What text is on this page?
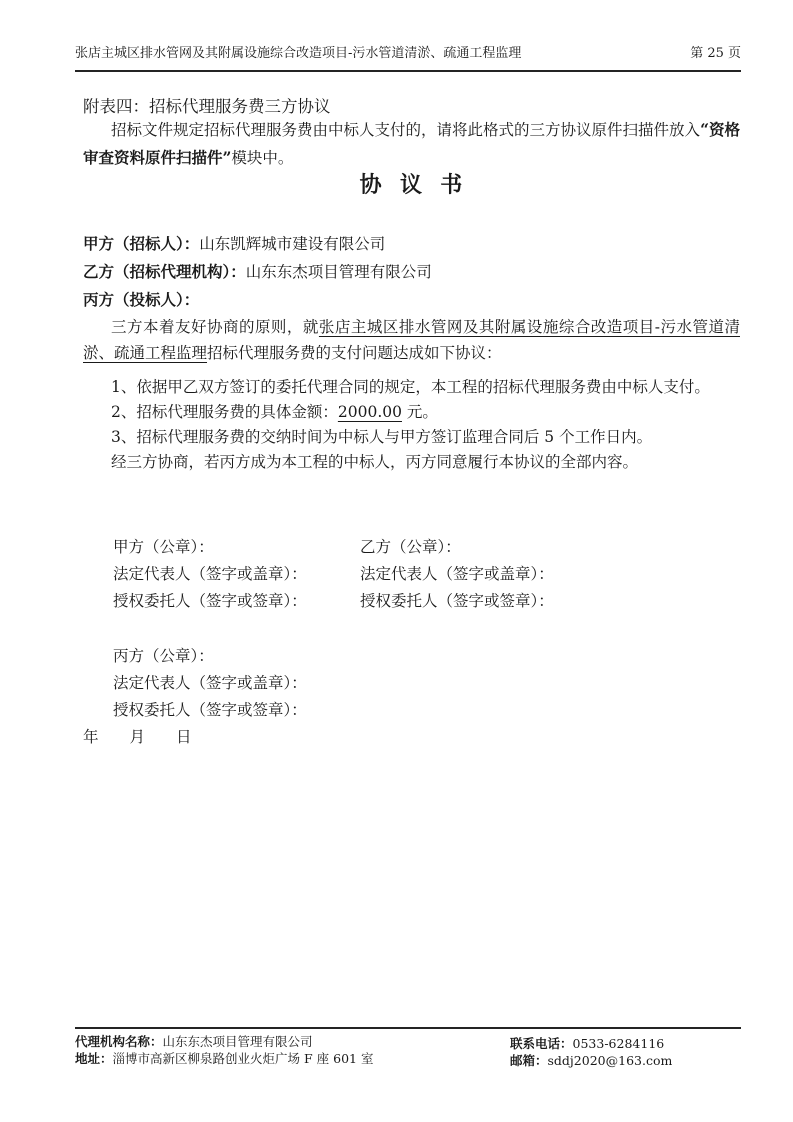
张店主城区排水管网及其附属设施综合改造项目-污水管道清淤、疏通工程监理	第 25 页

附表四：招标代理服务费三方协议

招标文件规定招标代理服务费由中标人支付的，请将此格式的三方协议原件扫描件放入“资格审查资料原件扫描件”模块中。

协  议  书

甲方（招标人）：山东凯辉城市建设有限公司

乙方（招标代理机构）：山东东杰项目管理有限公司

丙方（投标人）：

三方本着友好协商的原则，就张店主城区排水管网及其附属设施综合改造项目-污水管道清淤、疏通工程监理招标代理服务费的支付问题达成如下协议：

1、依据甲乙双方签订的委托代理合同的规定，本工程的招标代理服务费由中标人支付。

2、招标代理服务费的具体金额：2000.00 元。

3、招标代理服务费的交纳时间为中标人与甲方签订监理合同后 5 个工作日内。

经三方协商，若丙方成为本工程的中标人，丙方同意履行本协议的全部内容。

甲方（公章）：	乙方（公章）：
法定代表人（签字或盖章）：	法定代表人（签字或盖章）：
授权委托人（签字或签章）：	授权委托人（签字或签章）：

丙方（公章）：

法定代表人（签字或盖章）：

授权委托人（签字或签章）：

年　　月　　日

代理机构名称：山东东杰项目管理有限公司

地址：淄博市高新区柳泉路创业火炬广场 F 座 601 室

联系电话：0533-6284116

邮箱：sddj2020@163.com
